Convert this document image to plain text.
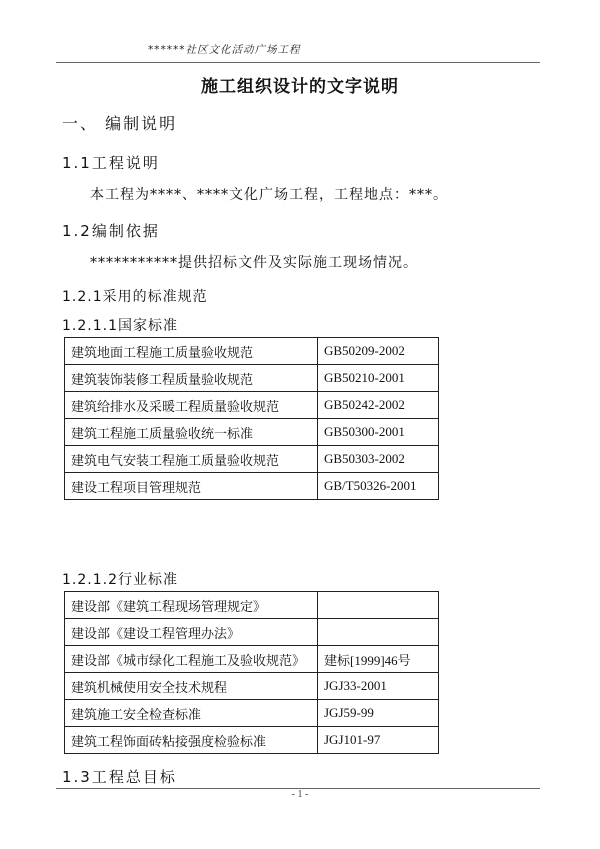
******社区文化活动广场工程
施工组织设计的文字说明
一、 编制说明
1.1工程说明
本工程为****、****文化广场工程，工程地点：***。
1.2编制依据
***********提供招标文件及实际施工现场情况。
1.2.1采用的标准规范
1.2.1.1国家标准
建筑地面工程施工质量验收规范	GB50209-2002
建筑装饰装修工程质量验收规范	GB50210-2001
建筑给排水及采暖工程质量验收规范	GB50242-2002
建筑工程施工质量验收统一标准	GB50300-2001
建筑电气安装工程施工质量验收规范	GB50303-2002
建设工程项目管理规范	GB/T50326-2001
1.2.1.2行业标准
建设部《建筑工程现场管理规定》	
建设部《建设工程管理办法》	
建设部《城市绿化工程施工及验收规范》	建标[1999]46号
建筑机械使用安全技术规程	JGJ33-2001
建筑施工安全检查标准	JGJ59-99
建筑工程饰面砖粘接强度检验标准	JGJ101-97
1.3工程总目标
- 1 -
